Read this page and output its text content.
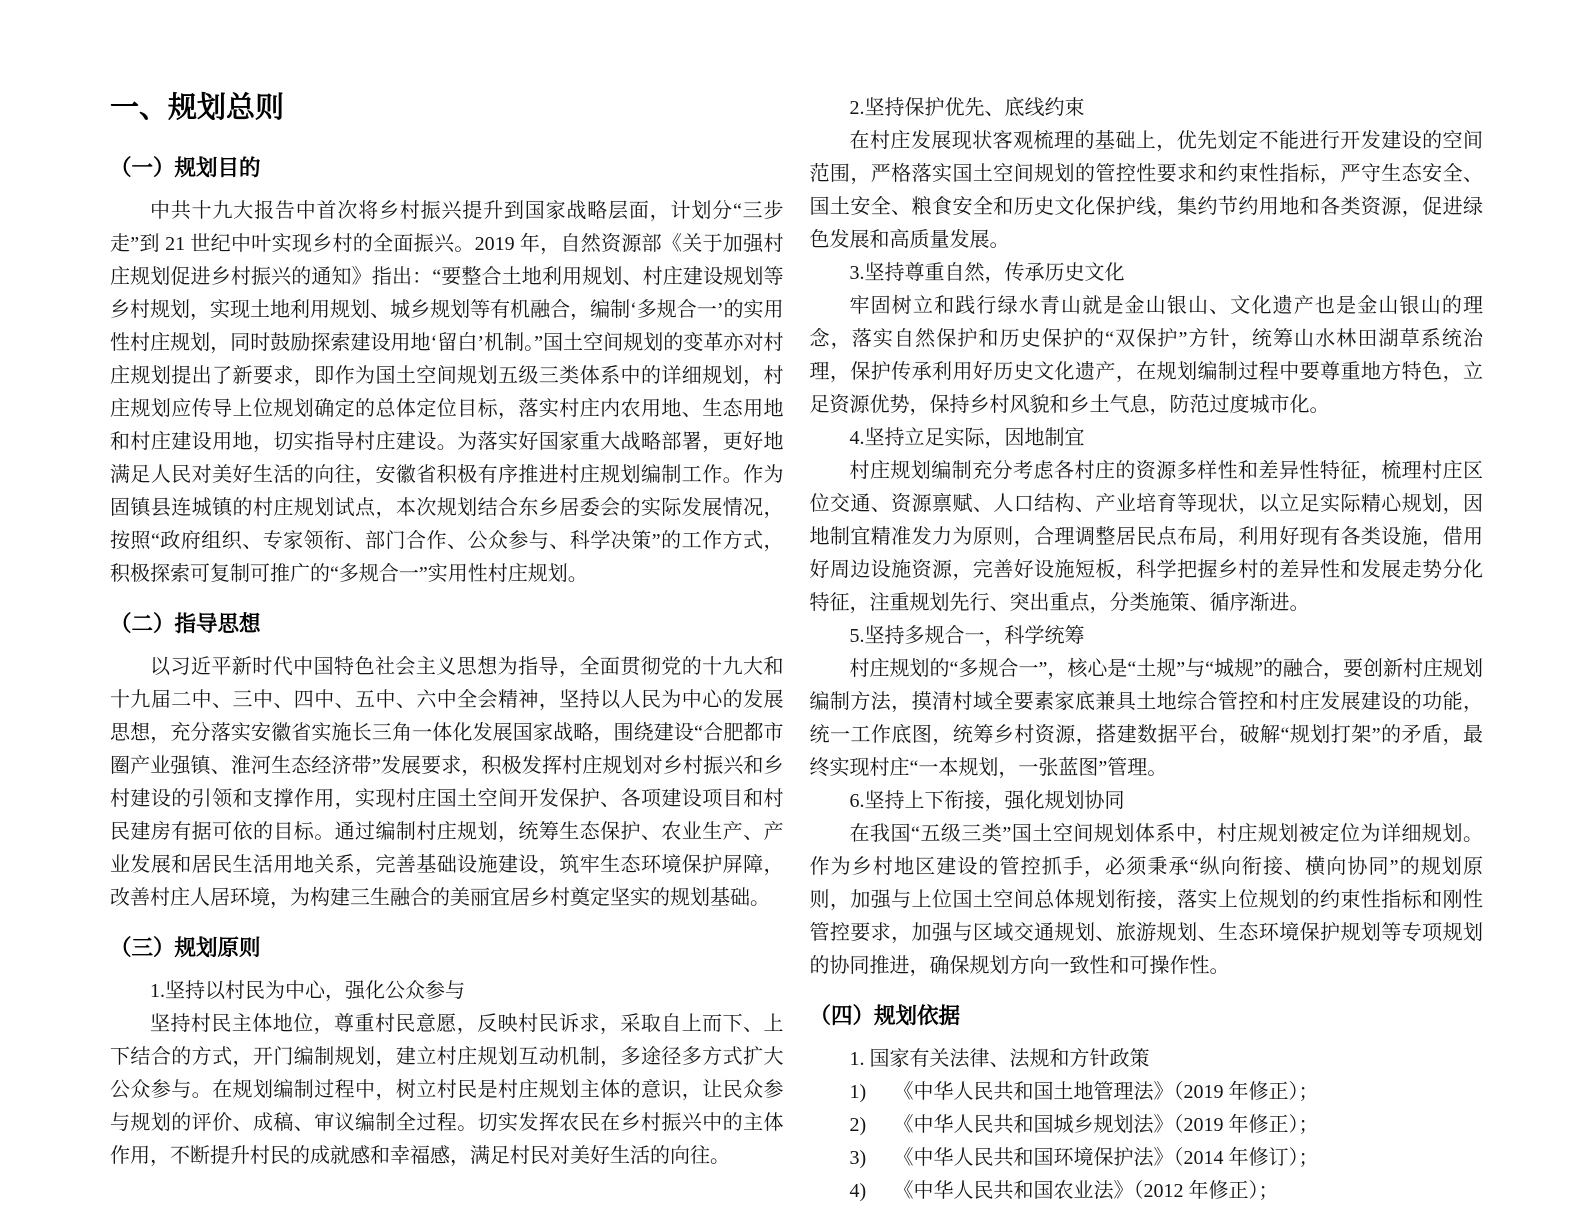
一、规划总则
（一）规划目的

中共十九大报告中首次将乡村振兴提升到国家战略层面，计划分“三步走”到 21 世纪中叶实现乡村的全面振兴。2019 年，自然资源部《关于加强村庄规划促进乡村振兴的通知》指出：“要整合土地利用规划、村庄建设规划等乡村规划，实现土地利用规划、城乡规划等有机融合，编制‘多规合一’的实用性村庄规划，同时鼓励探索建设用地‘留白’机制。”国土空间规划的变革亦对村庄规划提出了新要求，即作为国土空间规划五级三类体系中的详细规划，村庄规划应传导上位规划确定的总体定位目标，落实村庄内农用地、生态用地和村庄建设用地，切实指导村庄建设。为落实好国家重大战略部署，更好地满足人民对美好生活的向往，安徽省积极有序推进村庄规划编制工作。作为固镇县连城镇的村庄规划试点，本次规划结合东乡居委会的实际发展情况，按照“政府组织、专家领衔、部门合作、公众参与、科学决策”的工作方式，积极探索可复制可推广的“多规合一”实用性村庄规划。

（二）指导思想

以习近平新时代中国特色社会主义思想为指导，全面贯彻党的十九大和十九届二中、三中、四中、五中、六中全会精神，坚持以人民为中心的发展思想，充分落实安徽省实施长三角一体化发展国家战略，围绕建设“合肥都市圈产业强镇、淮河生态经济带”发展要求，积极发挥村庄规划对乡村振兴和乡村建设的引领和支撑作用，实现村庄国土空间开发保护、各项建设项目和村民建房有据可依的目标。通过编制村庄规划，统筹生态保护、农业生产、产业发展和居民生活用地关系，完善基础设施建设，筑牢生态环境保护屏障，改善村庄人居环境，为构建三生融合的美丽宜居乡村奠定坚实的规划基础。

（三）规划原则

1.坚持以村民为中心，强化公众参与

坚持村民主体地位，尊重村民意愿，反映村民诉求，采取自上而下、上下结合的方式，开门编制规划，建立村庄规划互动机制，多途径多方式扩大公众参与。在规划编制过程中，树立村民是村庄规划主体的意识，让民众参与规划的评价、成稿、审议编制全过程。切实发挥农民在乡村振兴中的主体作用，不断提升村民的成就感和幸福感，满足村民对美好生活的向往。

2.坚持保护优先、底线约束

在村庄发展现状客观梳理的基础上，优先划定不能进行开发建设的空间范围，严格落实国土空间规划的管控性要求和约束性指标，严守生态安全、国土安全、粮食安全和历史文化保护线，集约节约用地和各类资源，促进绿色发展和高质量发展。

3.坚持尊重自然，传承历史文化

牢固树立和践行绿水青山就是金山银山、文化遗产也是金山银山的理念，落实自然保护和历史保护的“双保护”方针，统筹山水林田湖草系统治理，保护传承利用好历史文化遗产，在规划编制过程中要尊重地方特色，立足资源优势，保持乡村风貌和乡土气息，防范过度城市化。

4.坚持立足实际，因地制宜

村庄规划编制充分考虑各村庄的资源多样性和差异性特征，梳理村庄区位交通、资源禀赋、人口结构、产业培育等现状，以立足实际精心规划，因地制宜精准发力为原则，合理调整居民点布局，利用好现有各类设施，借用好周边设施资源，完善好设施短板，科学把握乡村的差异性和发展走势分化特征，注重规划先行、突出重点，分类施策、循序渐进。

5.坚持多规合一，科学统筹

村庄规划的“多规合一”，核心是“土规”与“城规”的融合，要创新村庄规划编制方法，摸清村域全要素家底兼具土地综合管控和村庄发展建设的功能，统一工作底图，统筹乡村资源，搭建数据平台，破解“规划打架”的矛盾，最终实现村庄“一本规划，一张蓝图”管理。

6.坚持上下衔接，强化规划协同

在我国“五级三类”国土空间规划体系中，村庄规划被定位为详细规划。作为乡村地区建设的管控抓手，必须秉承“纵向衔接、横向协同”的规划原则，加强与上位国土空间总体规划衔接，落实上位规划的约束性指标和刚性管控要求，加强与区域交通规划、旅游规划、生态环境保护规划等专项规划的协同推进，确保规划方向一致性和可操作性。

（四）规划依据

1. 国家有关法律、法规和方针政策

1)	《中华人民共和国土地管理法》（2019 年修正）；
2)	《中华人民共和国城乡规划法》（2019 年修正）；
3)	《中华人民共和国环境保护法》（2014 年修订）；
4)	《中华人民共和国农业法》（2012 年修正）；
